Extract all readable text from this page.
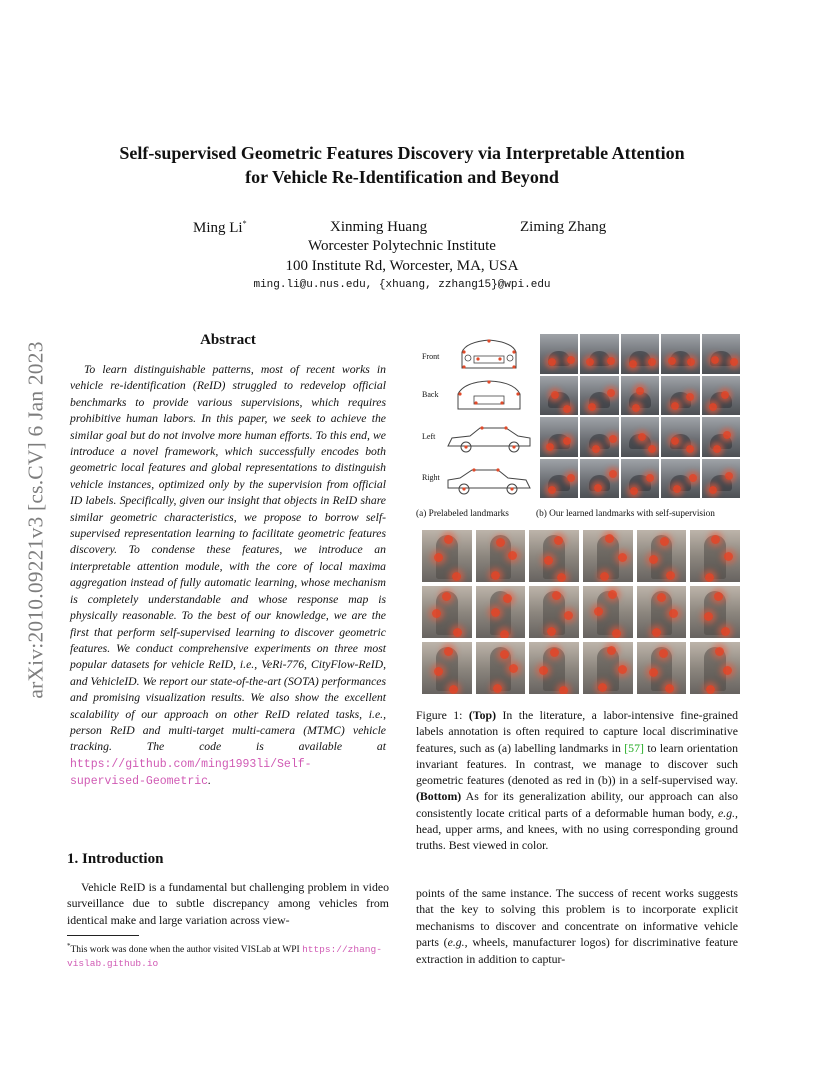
arXiv:2010.09221v3 [cs.CV] 6 Jan 2023
Self-supervised Geometric Features Discovery via Interpretable Attention
for Vehicle Re-Identification and Beyond
Ming Li*	Xinming Huang	Ziming Zhang
Worcester Polytechnic Institute
100 Institute Rd, Worcester, MA, USA
ming.li@u.nus.edu, {xhuang, zzhang15}@wpi.edu
Abstract

To learn distinguishable patterns, most of recent works in vehicle re-identification (ReID) struggled to redevelop official benchmarks to provide various supervisions, which requires prohibitive human labors. In this paper, we seek to achieve the similar goal but do not involve more human efforts. To this end, we introduce a novel framework, which successfully encodes both geometric local features and global representations to distinguish vehicle instances, optimized only by the supervision from official ID labels. Specifically, given our insight that objects in ReID share similar geometric characteristics, we propose to borrow self-supervised representation learning to facilitate geometric features discovery. To condense these features, we introduce an interpretable attention module, with the core of local maxima aggregation instead of fully automatic learning, whose mechanism is completely understandable and whose response map is physically reasonable. To the best of our knowledge, we are the first that perform self-supervised learning to discover geometric features. We conduct comprehensive experiments on three most popular datasets for vehicle ReID, i.e., VeRi-776, CityFlow-ReID, and VehicleID. We report our state-of-the-art (SOTA) performances and promising visualization results. We also show the excellent scalability of our approach on other ReID related tasks, i.e., person ReID and multi-target multi-camera (MTMC) vehicle tracking. The code is available at https://github.com/ming1993li/Self-supervised-Geometric.

1. Introduction

Vehicle ReID is a fundamental but challenging problem in video surveillance due to subtle discrepancy among vehicles from identical make and large variation across view-

*This work was done when the author visited VISLab at WPI https://zhang-vislab.github.io
Front
Back
Left
Right
(a) Prelabeled landmarks	(b) Our learned landmarks with self-supervision
Figure 1: (Top) In the literature, a labor-intensive fine-grained labels annotation is often required to capture local discriminative features, such as (a) labelling landmarks in [57] to learn orientation invariant features. In contrast, we manage to discover such geometric features (denoted as red in (b)) in a self-supervised way. (Bottom) As for its generalization ability, our approach can also consistently locate critical parts of a deformable human body, e.g., head, upper arms, and knees, with no using corresponding ground truths. Best viewed in color.
points of the same instance. The success of recent works suggests that the key to solving this problem is to incorporate explicit mechanisms to discover and concentrate on informative vehicle parts (e.g., wheels, manufacturer logos) for discriminative feature extraction in addition to captur-
